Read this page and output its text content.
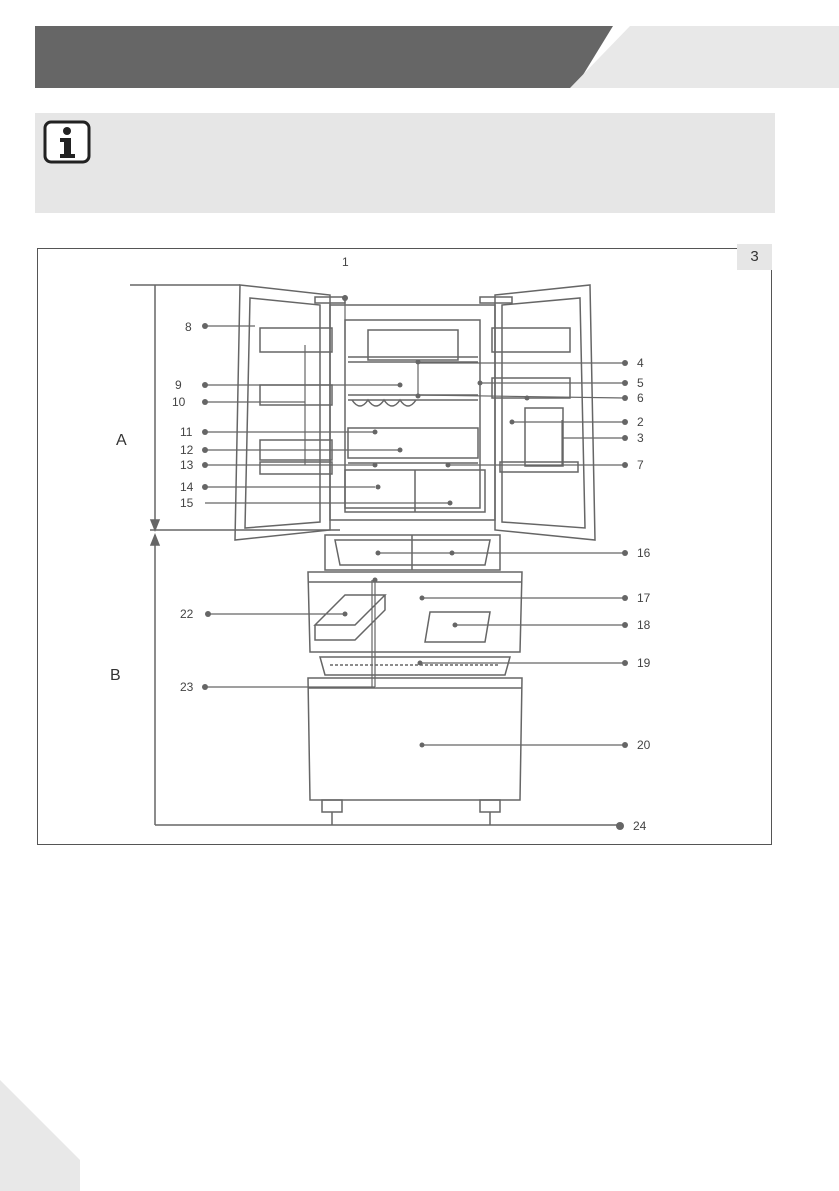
3
A
B
1
8
9
10
11
12
13
14
15
22
23
4
5
6
2
3
7
16
17
18
19
20
24
